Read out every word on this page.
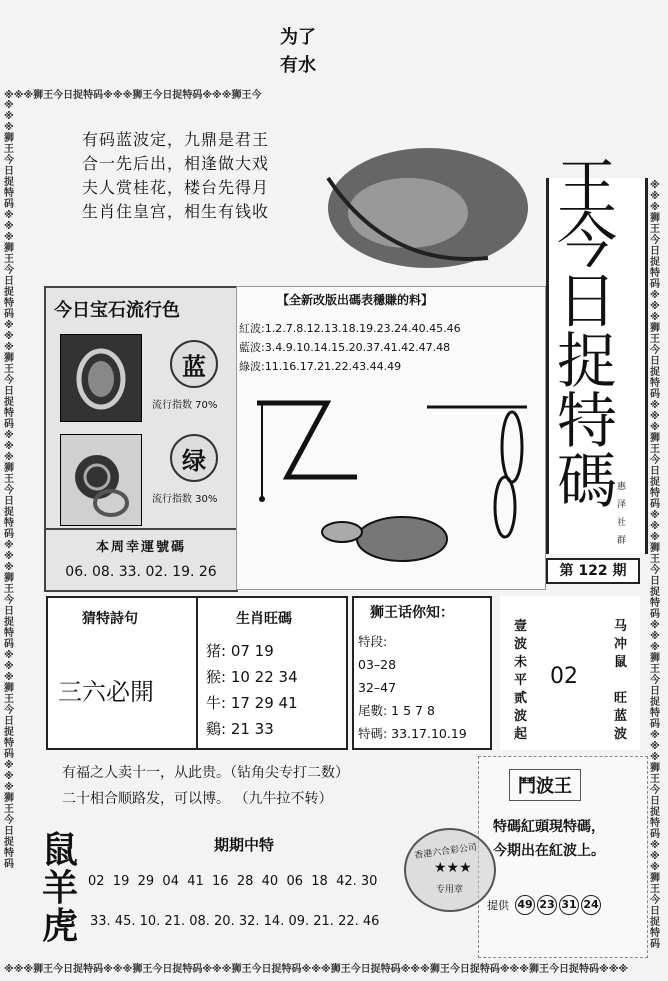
※※※狮王今日捉特码※※※狮王今日捉特码※※※狮王今
※※※狮王今日捉特码※※※狮王今日捉特码※※※狮王今日捉特码※※※狮王今日捉特码※※※狮王今日捉特码※※※狮王今日捉特码※※※
※※※狮王今日捉特码※※※狮王今日捉特码※※※狮王今日捉特码※※※狮王今日捉特码※※※狮王今日捉特码※※※狮王今日捉特码※※※狮王今日捉特码
※※※狮王今日捉特码※※※狮王今日捉特码※※※狮王今日捉特码※※※狮王今日捉特码※※※狮王今日捉特码※※※狮王今日捉特码※※※狮王今日捉特码
为了
有水
有码蓝波定，九鼎是君王
合一先后出，相逢做大戏
夫人赏桂花，楼台先得月
生肖住皇宫，相生有钱收	王
今
日
捉
特
碼 惠
泽
社
群
第 122 期
今日宝石流行色
蓝
流行指数 70%
绿
流行指数 30%
本周幸運號碼
06. 08. 33. 02. 19. 26
【全新改版出碼表穩賺的料】
紅波:1.2.7.8.12.13.18.19.23.24.40.45.46
藍波:3.4.9.10.14.15.20.37.41.42.47.48
綠波:11.16.17.21.22.43.44.49
猜特詩句
三六必開
生肖旺碼
猪: 07 19
猴: 10 22 34
牛: 17 29 41
鷄: 21 33
狮王话你知：
特段:
03–28
32–47
尾數: 1 5 7 8
特碼: 33.17.10.19
壹
波
未
平
贰
波
起
02
马
冲
鼠

旺
蓝
波
有福之人卖十一，从此贵。（钻角尖专打二数）
二十相合顺路发，可以博。 （九牛拉不转）
鬥波王
特碼紅頭現特碼，
今期出在紅波上。
提供 49 23 31 24
香港六合彩公司
★★★
专用章
鼠
羊
虎
期期中特
02  19  29  04  41  16  28  40  06  18  42. 30
33. 45. 10. 21. 08. 20. 32. 14. 09. 21. 22. 46
